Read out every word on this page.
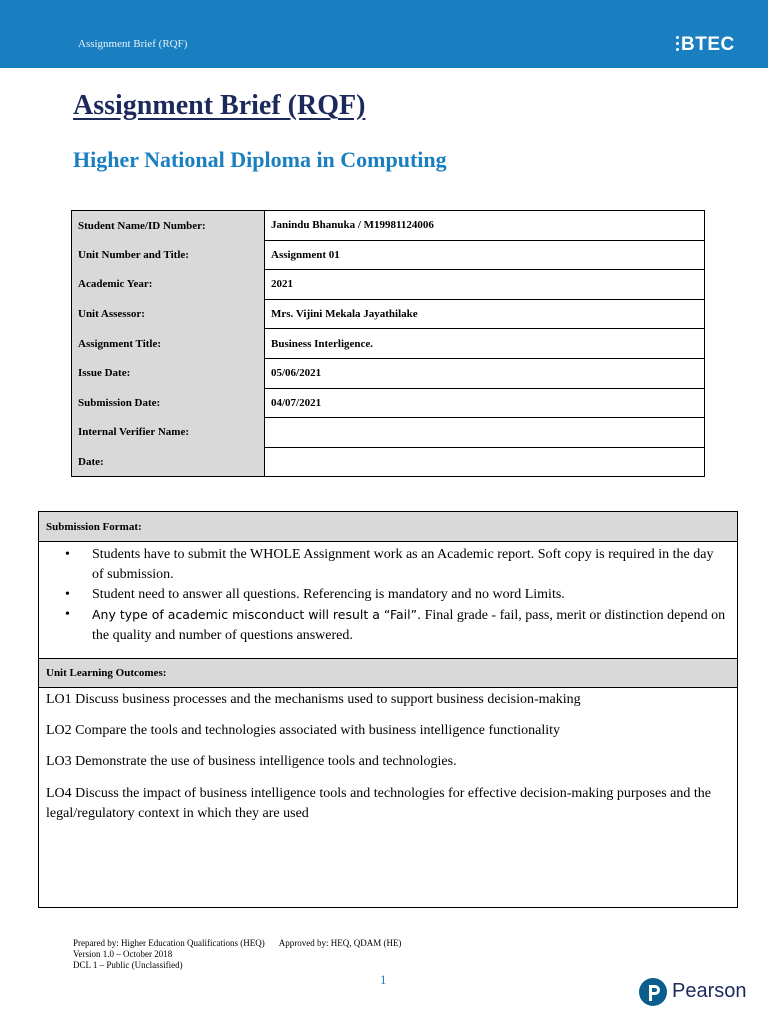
Assignment Brief (RQF)	BTEC
Assignment Brief (RQF)
Higher National Diploma in Computing
Student Name/ID Number:	Janindu Bhanuka / M19981124006
Unit Number and Title:	Assignment 01
Academic Year:	2021
Unit Assessor:	Mrs. Vijini Mekala Jayathilake
Assignment Title:	Business Interligence.
Issue Date:	05/06/2021
Submission Date:	04/07/2021
Internal Verifier Name:	
Date:	
Submission Format:
• Students have to submit the WHOLE Assignment work as an Academic report. Soft copy is required in the day of submission.
• Student need to answer all questions. Referencing is mandatory and no word Limits.
• Any type of academic misconduct will result a “Fail”. Final grade - fail, pass, merit or distinction depend on the quality and number of questions answered.
Unit Learning Outcomes:
LO1 Discuss business processes and the mechanisms used to support business decision-making
LO2 Compare the tools and technologies associated with business intelligence functionality
LO3 Demonstrate the use of business intelligence tools and technologies.
LO4 Discuss the impact of business intelligence tools and technologies for effective decision-making purposes and the legal/regulatory context in which they are used
Prepared by: Higher Education Qualifications (HEQ) Approved by: HEQ, QDAM (HE)
Version 1.0 – October 2018
DCL 1 – Public (Unclassified)
1
Pearson
